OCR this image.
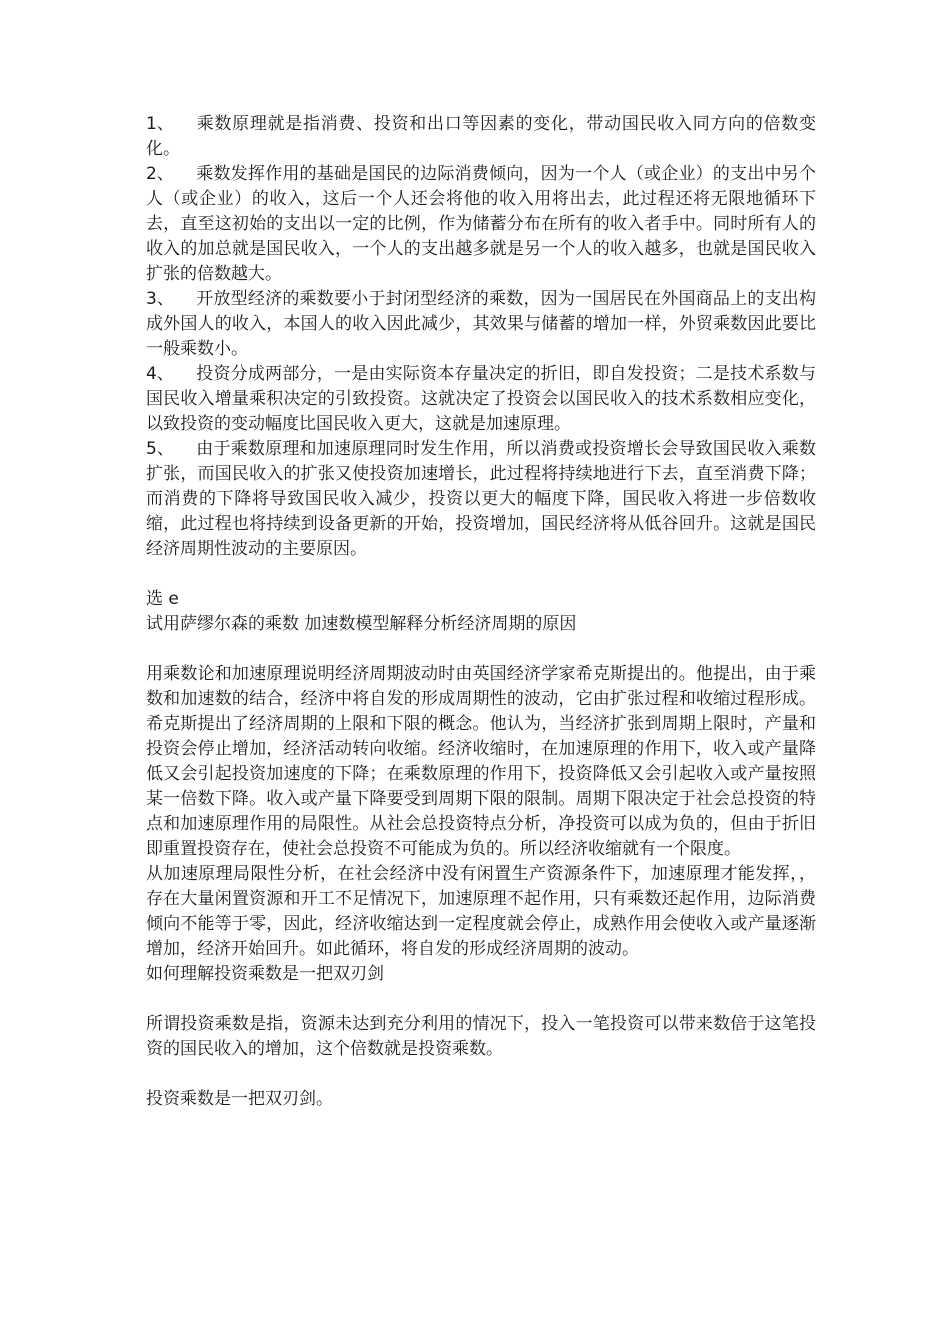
1、 乘数原理就是指消费、投资和出口等因素的变化，带动国民收入同方向的倍数变化。

2、 乘数发挥作用的基础是国民的边际消费倾向，因为一个人（或企业）的支出中另个人（或企业）的收入，这后一个人还会将他的收入用将出去，此过程还将无限地循环下去，直至这初始的支出以一定的比例，作为储蓄分布在所有的收入者手中。同时所有人的收入的加总就是国民收入，一个人的支出越多就是另一个人的收入越多，也就是国民收入扩张的倍数越大。

3、 开放型经济的乘数要小于封闭型经济的乘数，因为一国居民在外国商品上的支出构成外国人的收入，本国人的收入因此减少，其效果与储蓄的增加一样，外贸乘数因此要比一般乘数小。

4、 投资分成两部分，一是由实际资本存量决定的折旧，即自发投资；二是技术系数与国民收入增量乘积决定的引致投资。这就决定了投资会以国民收入的技术系数相应变化，以致投资的变动幅度比国民收入更大，这就是加速原理。

5、 由于乘数原理和加速原理同时发生作用，所以消费或投资增长会导致国民收入乘数扩张，而国民收入的扩张又使投资加速增长，此过程将持续地进行下去，直至消费下降；而消费的下降将导致国民收入减少，投资以更大的幅度下降，国民收入将进一步倍数收缩，此过程也将持续到设备更新的开始，投资增加，国民经济将从低谷回升。这就是国民经济周期性波动的主要原因。

选 e

试用萨缪尔森的乘数 加速数模型解释分析经济周期的原因

用乘数论和加速原理说明经济周期波动时由英国经济学家希克斯提出的。他提出，由于乘数和加速数的结合，经济中将自发的形成周期性的波动，它由扩张过程和收缩过程形成。希克斯提出了经济周期的上限和下限的概念。他认为，当经济扩张到周期上限时，产量和投资会停止增加，经济活动转向收缩。经济收缩时，在加速原理的作用下，收入或产量降低又会引起投资加速度的下降；在乘数原理的作用下，投资降低又会引起收入或产量按照某一倍数下降。收入或产量下降要受到周期下限的限制。周期下限决定于社会总投资的特点和加速原理作用的局限性。从社会总投资特点分析，净投资可以成为负的，但由于折旧即重置投资存在，使社会总投资不可能成为负的。所以经济收缩就有一个限度。

从加速原理局限性分析，在社会经济中没有闲置生产资源条件下，加速原理才能发挥，，存在大量闲置资源和开工不足情况下，加速原理不起作用，只有乘数还起作用，边际消费倾向不能等于零，因此，经济收缩达到一定程度就会停止，成熟作用会使收入或产量逐渐增加，经济开始回升。如此循环，将自发的形成经济周期的波动。

如何理解投资乘数是一把双刃剑

所谓投资乘数是指，资源未达到充分利用的情况下，投入一笔投资可以带来数倍于这笔投资的国民收入的增加，这个倍数就是投资乘数。

投资乘数是一把双刃剑。
